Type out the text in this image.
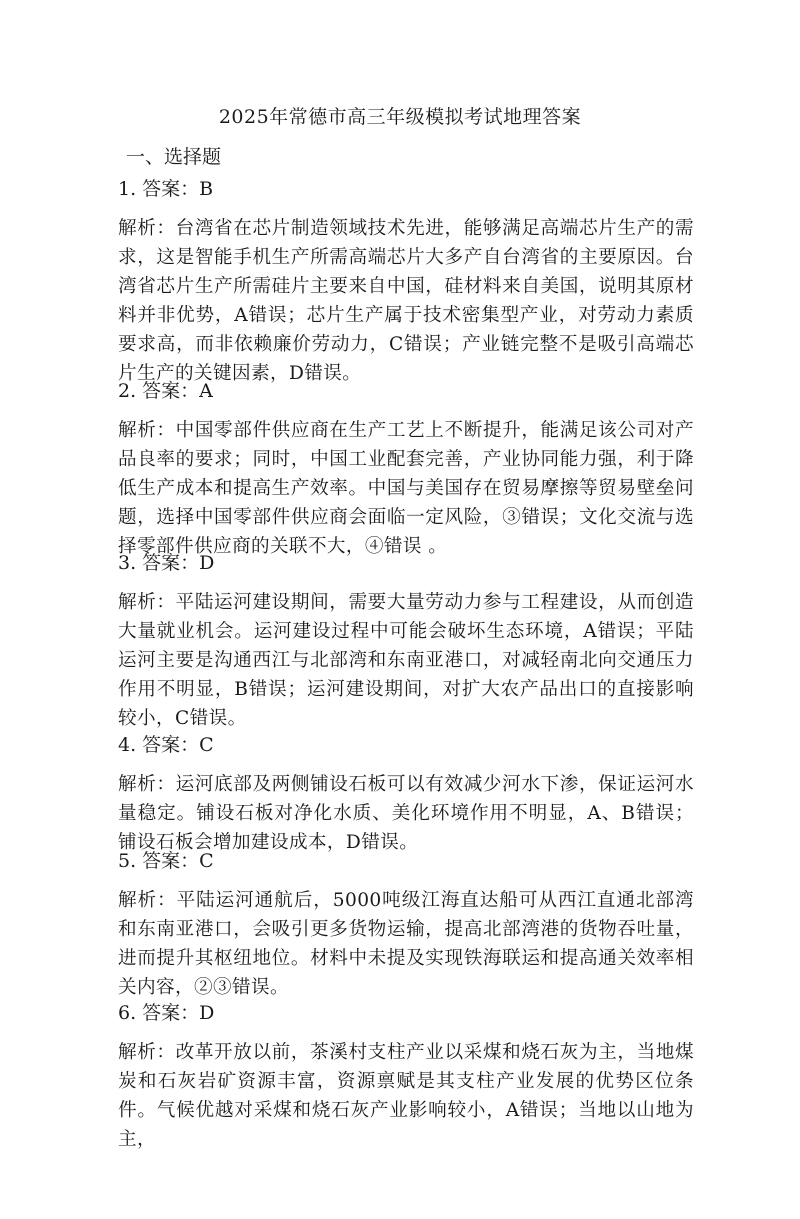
2025年常德市高三年级模拟考试地理答案
一、选择题
1. 答案：B
解析：台湾省在芯片制造领域技术先进，能够满足高端芯片生产的需求，这是智能手机生产所需高端芯片大多产自台湾省的主要原因。台湾省芯片生产所需硅片主要来自中国，硅材料来自美国，说明其原材料并非优势，A错误；芯片生产属于技术密集型产业，对劳动力素质要求高，而非依赖廉价劳动力，C错误；产业链完整不是吸引高端芯片生产的关键因素，D错误。
2. 答案：A
解析：中国零部件供应商在生产工艺上不断提升，能满足该公司对产品良率的要求；同时，中国工业配套完善，产业协同能力强，利于降低生产成本和提高生产效率。中国与美国存在贸易摩擦等贸易壁垒问题，选择中国零部件供应商会面临一定风险，③错误；文化交流与选择零部件供应商的关联不大，④错误 。
3. 答案：D
解析：平陆运河建设期间，需要大量劳动力参与工程建设，从而创造大量就业机会。运河建设过程中可能会破坏生态环境，A错误；平陆运河主要是沟通西江与北部湾和东南亚港口，对减轻南北向交通压力作用不明显，B错误；运河建设期间，对扩大农产品出口的直接影响较小，C错误。
4. 答案：C
解析：运河底部及两侧铺设石板可以有效减少河水下渗，保证运河水量稳定。铺设石板对净化水质、美化环境作用不明显，A、B错误；铺设石板会增加建设成本，D错误。
5. 答案：C
解析：平陆运河通航后，5000吨级江海直达船可从西江直通北部湾和东南亚港口，会吸引更多货物运输，提高北部湾港的货物吞吐量，进而提升其枢纽地位。材料中未提及实现铁海联运和提高通关效率相关内容，②③错误。
6. 答案：D
解析：改革开放以前，茶溪村支柱产业以采煤和烧石灰为主，当地煤炭和石灰岩矿资源丰富，资源禀赋是其支柱产业发展的优势区位条件。气候优越对采煤和烧石灰产业影响较小，A错误；当地以山地为主，
